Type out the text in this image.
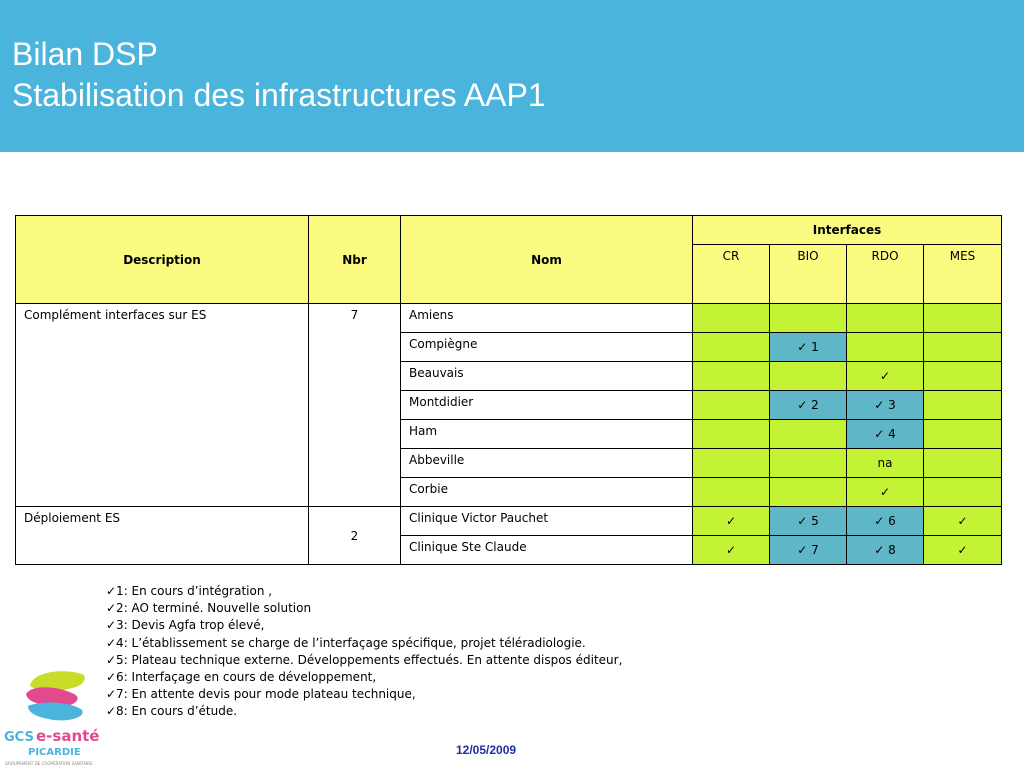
Bilan DSP
Stabilisation des infrastructures AAP1
Description	Nbr	Nom	Interfaces			
			CR	BIO	RDO	MES
Complément interfaces sur ES	7	Amiens				
		Compiègne		✓ 1		
		Beauvais			✓	
		Montdidier		✓ 2	✓ 3	
		Ham			✓ 4	
		Abbeville			na	
		Corbie			✓	
Déploiement ES	2	Clinique Victor Pauchet	✓	✓ 5	✓ 6	✓
		Clinique Ste Claude	✓	✓ 7	✓ 8	✓
✓1: En cours d’intégration ,
✓2: AO terminé. Nouvelle solution
✓3: Devis Agfa trop élevé,
✓4: L’établissement se charge de l’interfaçage spécifique, projet téléradiologie.
✓5: Plateau technique externe. Développements effectués. En attente dispos éditeur,
✓6: Interfaçage en cours de développement,
✓7: En attente devis pour mode plateau technique,
✓8: En cours d’étude.
GCS e-santé
PICARDIE
GROUPEMENT DE COOPÉRATION SANITAIRE
12/05/2009
